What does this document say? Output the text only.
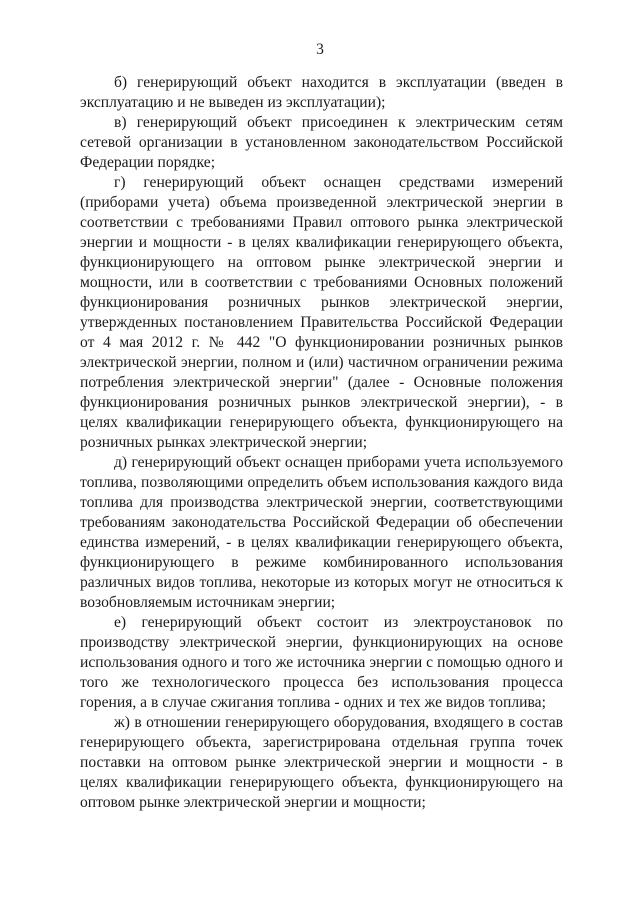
3

б) генерирующий объект находится в эксплуатации (введен в эксплуатацию и не выведен из эксплуатации);

в) генерирующий объект присоединен к электрическим сетям сетевой организации в установленном законодательством Российской Федерации порядке;

г) генерирующий объект оснащен средствами измерений (приборами учета) объема произведенной электрической энергии в соответствии с требованиями Правил оптового рынка электрической энергии и мощности - в целях квалификации генерирующего объекта, функционирующего на оптовом рынке электрической энергии и мощности, или в соответствии с требованиями Основных положений функционирования розничных рынков электрической энергии, утвержденных постановлением Правительства Российской Федерации от 4 мая 2012 г. № 442 "О функционировании розничных рынков электрической энергии, полном и (или) частичном ограничении режима потребления электрической энергии" (далее - Основные положения функционирования розничных рынков электрической энергии), - в целях квалификации генерирующего объекта, функционирующего на розничных рынках электрической энергии;

д) генерирующий объект оснащен приборами учета используемого топлива, позволяющими определить объем использования каждого вида топлива для производства электрической энергии, соответствующими требованиям законодательства Российской Федерации об обеспечении единства измерений, - в целях квалификации генерирующего объекта, функционирующего в режиме комбинированного использования различных видов топлива, некоторые из которых могут не относиться к возобновляемым источникам энергии;

е) генерирующий объект состоит из электроустановок по производству электрической энергии, функционирующих на основе использования одного и того же источника энергии с помощью одного и того же технологического процесса без использования процесса горения, а в случае сжигания топлива - одних и тех же видов топлива;

ж) в отношении генерирующего оборудования, входящего в состав генерирующего объекта, зарегистрирована отдельная группа точек поставки на оптовом рынке электрической энергии и мощности - в целях квалификации генерирующего объекта, функционирующего на оптовом рынке электрической энергии и мощности;
